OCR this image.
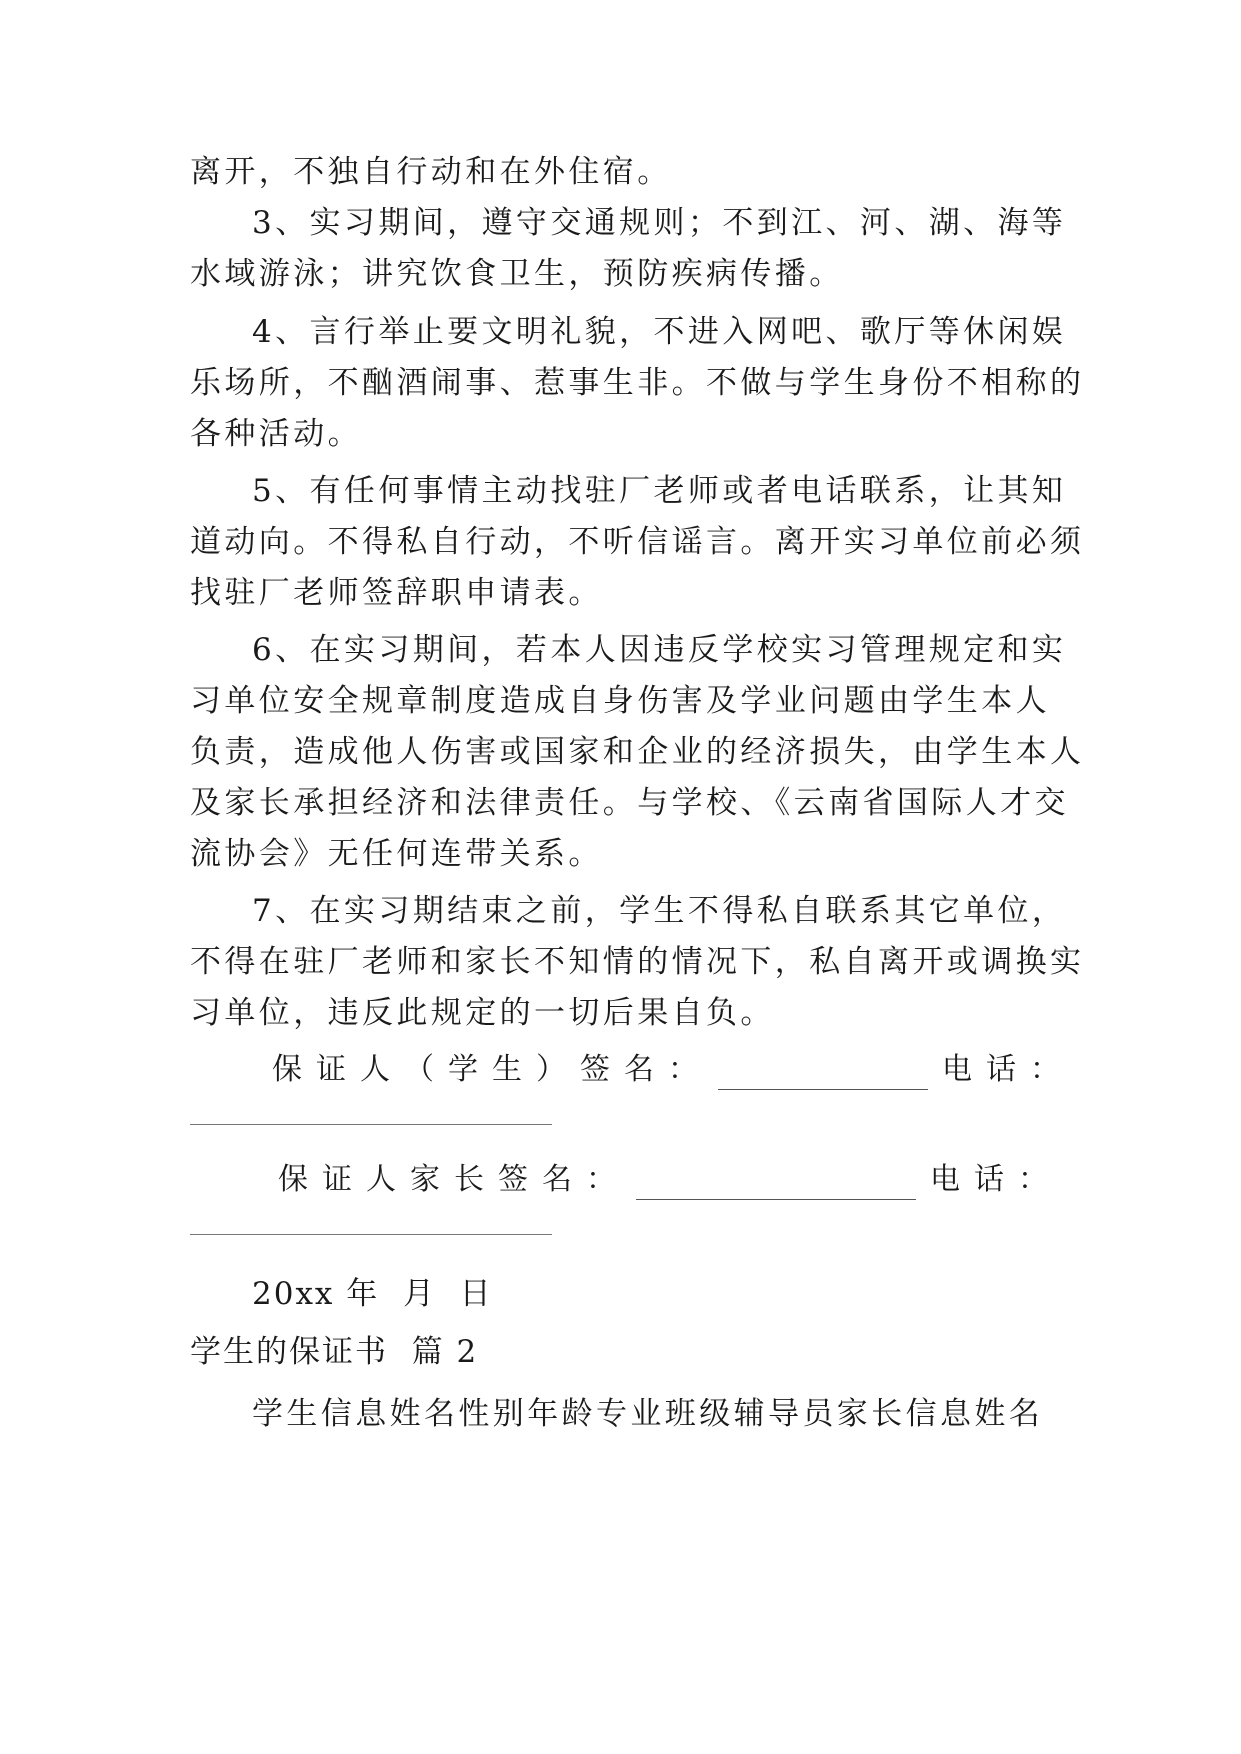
离开，不独自行动和在外住宿。
3、实习期间，遵守交通规则；不到江、河、湖、海等
水域游泳；讲究饮食卫生，预防疾病传播。
4、言行举止要文明礼貌，不进入网吧、歌厅等休闲娱
乐场所，不酗酒闹事、惹事生非。不做与学生身份不相称的
各种活动。
5、有任何事情主动找驻厂老师或者电话联系，让其知
道动向。不得私自行动，不听信谣言。离开实习单位前必须
找驻厂老师签辞职申请表。
6、在实习期间，若本人因违反学校实习管理规定和实
习单位安全规章制度造成自身伤害及学业问题由学生本人
负责，造成他人伤害或国家和企业的经济损失，由学生本人
及家长承担经济和法律责任。与学校、《云南省国际人才交
流协会》无任何连带关系。
7、在实习期结束之前，学生不得私自联系其它单位，
不得在驻厂老师和家长不知情的情况下，私自离开或调换实
习单位，违反此规定的一切后果自负。
保证人（学生）签名：	电话：
保证人家长签名：	电话：
20xx 年  月  日
学生的保证书  篇 2
学生信息姓名性别年龄专业班级辅导员家长信息姓名
